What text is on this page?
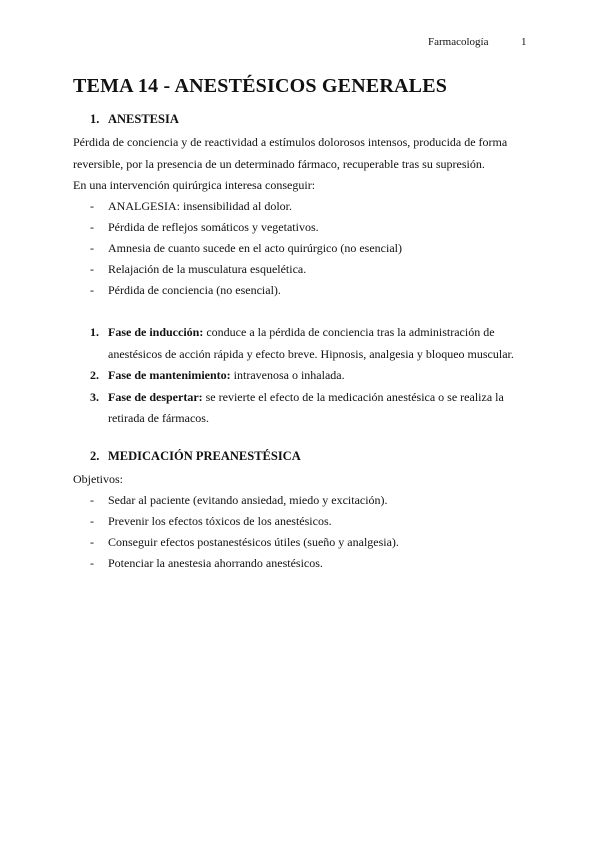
Farmacología	1
TEMA 14 - ANESTÉSICOS GENERALES
1. ANESTESIA

Pérdida de conciencia y de reactividad a estímulos dolorosos intensos, producida de forma reversible, por la presencia de un determinado fármaco, recuperable tras su supresión.

En una intervención quirúrgica interesa conseguir:

- ANALGESIA: insensibilidad al dolor.
- Pérdida de reflejos somáticos y vegetativos.
- Amnesia de cuanto sucede en el acto quirúrgico (no esencial)
- Relajación de la musculatura esquelética.
- Pérdida de conciencia (no esencial).
1. Fase de inducción: conduce a la pérdida de conciencia tras la administración de anestésicos de acción rápida y efecto breve. Hipnosis, analgesia y bloqueo muscular.
2. Fase de mantenimiento: intravenosa o inhalada.
3. Fase de despertar: se revierte el efecto de la medicación anestésica o se realiza la retirada de fármacos.
2. MEDICACIÓN PREANESTÉSICA

Objetivos:

- Sedar al paciente (evitando ansiedad, miedo y excitación).
- Prevenir los efectos tóxicos de los anestésicos.
- Conseguir efectos postanestésicos útiles (sueño y analgesia).
- Potenciar la anestesia ahorrando anestésicos.
